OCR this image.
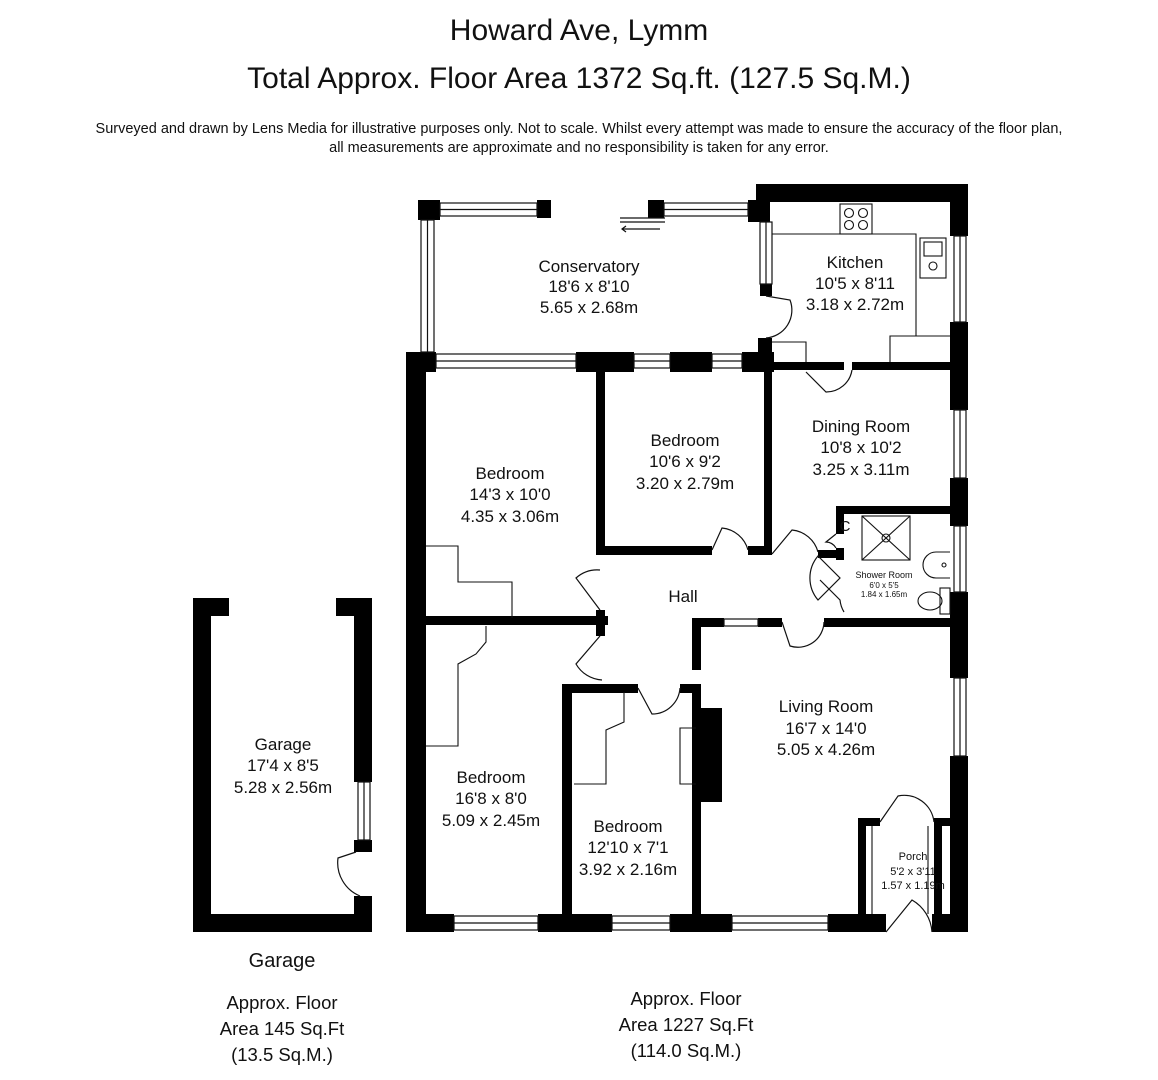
Howard Ave, Lymm
Total Approx. Floor Area 1372 Sq.ft. (127.5 Sq.M.)
Surveyed and drawn by Lens Media for illustrative purposes only. Not to scale. Whilst every attempt was made to ensure the accuracy of the floor plan,
all measurements are approximate and no responsibility is taken for any error.
Conservatory
18'6 x 8'10
5.65 x 2.68m
Kitchen
10'5 x 8'11
3.18 x 2.72m
Bedroom
10'6 x 9'2
3.20 x 2.79m
Dining Room
10'8 x 10'2
3.25 x 3.11m
Bedroom
14'3 x 10'0
4.35 x 3.06m
C
Shower Room
6'0 x 5'5
1.84 x 1.65m
Hall
Living Room
16'7 x 14'0
5.05 x 4.26m
Bedroom
16'8 x 8'0
5.09 x 2.45m	Bedroom
12'10 x 7'1
3.92 x 2.16m
Porch
5'2 x 3'11
1.57 x 1.19m
Garage
17'4 x 8'5
5.28 x 2.56m
Garage
Approx. Floor
Area 145 Sq.Ft
(13.5 Sq.M.)
Approx. Floor
Area 1227 Sq.Ft
(114.0 Sq.M.)
